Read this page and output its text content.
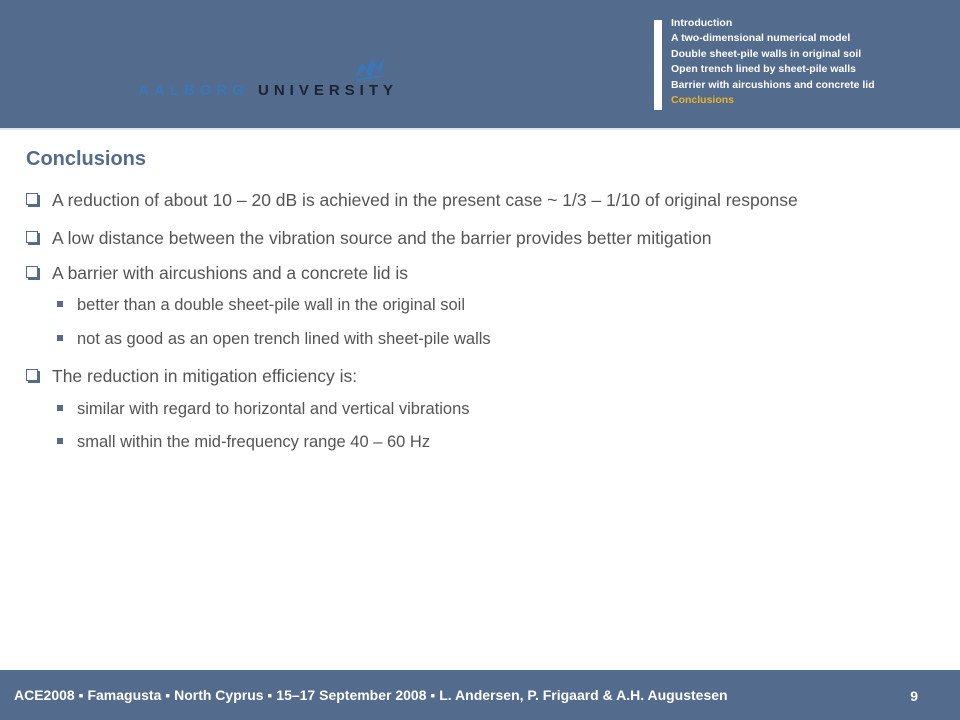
AALBORG UNIVERSITY
Introduction
A two-dimensional numerical model
Double sheet-pile walls in original soil
Open trench lined by sheet-pile walls
Barrier with aircushions and concrete lid
Conclusions
Conclusions
A reduction of about 10 – 20 dB is achieved in the present case ~ 1/3 – 1/10 of original response
A low distance between the vibration source and the barrier provides better mitigation
A barrier with aircushions and a concrete lid is
better than a double sheet-pile wall in the original soil
not as good as an open trench lined with sheet-pile walls
The reduction in mitigation efficiency is:
similar with regard to horizontal and vertical vibrations
small within the mid-frequency range 40 – 60 Hz
ACE2008 ▪ Famagusta ▪ North Cyprus ▪ 15–17 September 2008 ▪ L. Andersen, P. Frigaard & A.H. Augustesen	9
